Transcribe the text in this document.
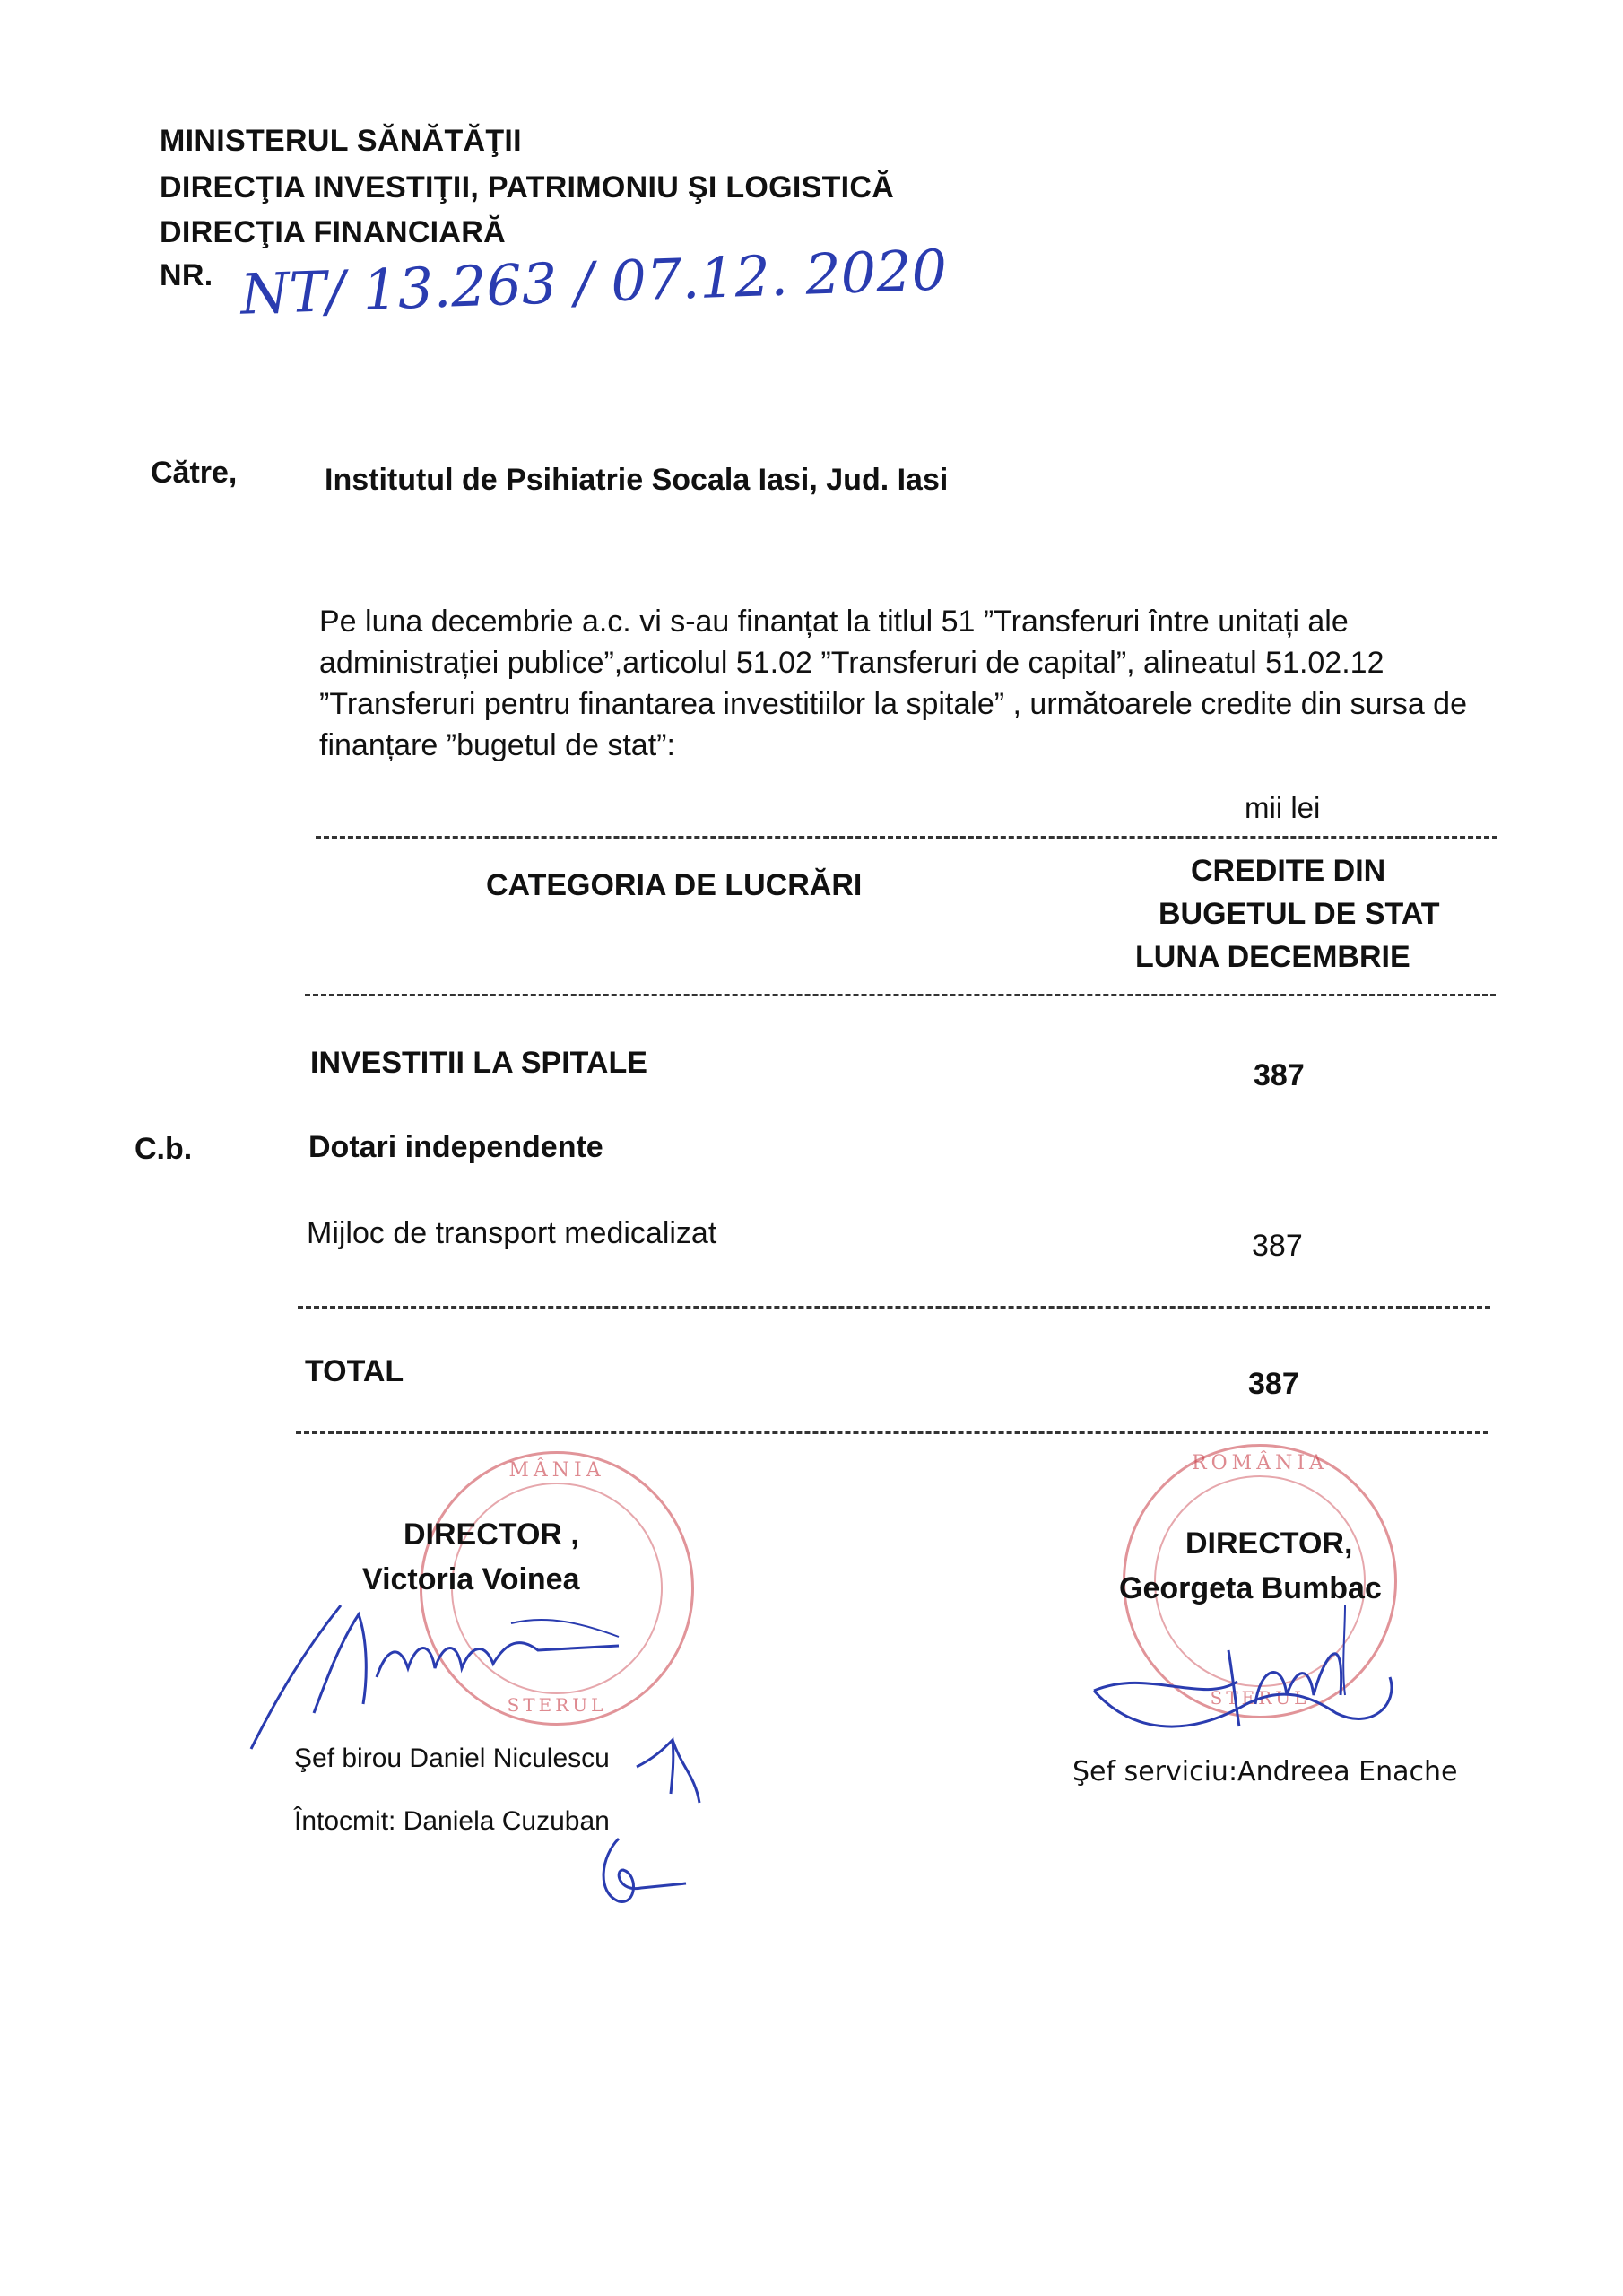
MINISTERUL SĂNĂTĂŢII
DIRECŢIA INVESTIŢII, PATRIMONIU ŞI LOGISTICĂ
DIRECŢIA FINANCIARĂ
NR. NT/ 13.263 / 07.12. 2020
Către,	Institutul de Psihiatrie Socala Iasi, Jud. Iasi
Pe luna decembrie a.c. vi s-au finanțat la titlul 51 ”Transferuri între unitați ale administrației publice”,articolul 51.02 ”Transferuri de capital”, alineatul 51.02.12 ”Transferuri pentru finantarea investitiilor la spitale” , următoarele credite din sursa de finanțare ”bugetul de stat”:
mii lei
CATEGORIA DE LUCRĂRI	CREDITE DIN
BUGETUL DE STAT
LUNA DECEMBRIE
INVESTITII LA SPITALE	387
C.b.	Dotari independente
Mijloc de transport medicalizat	387
TOTAL	387
MÂNIA
STERUL
ROMÂNIA
STERUL
DIRECTOR ,
Victoria Voinea
DIRECTOR,
Georgeta Bumbac
Şef birou Daniel Niculescu
Întocmit: Daniela Cuzuban
Şef serviciu:Andreea Enache
